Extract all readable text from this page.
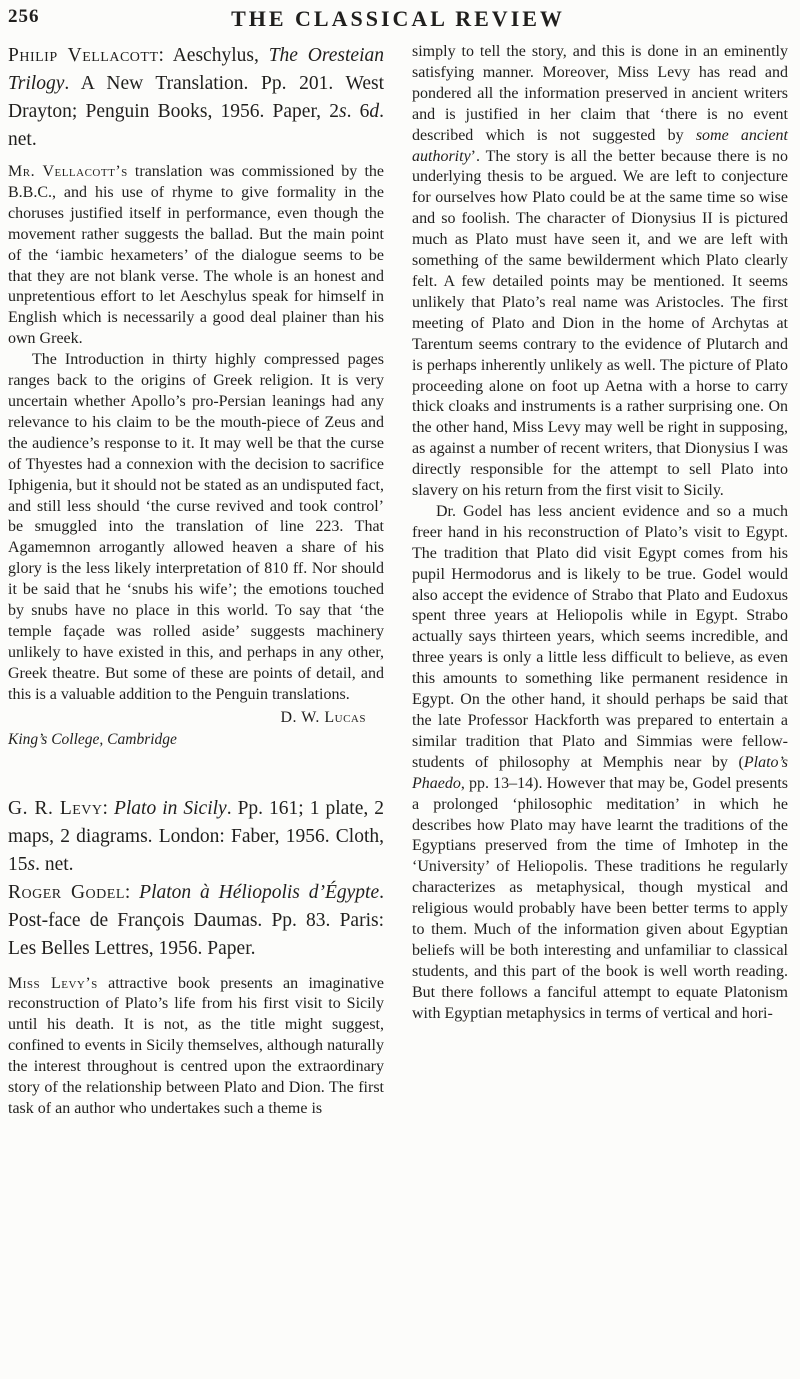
256	THE CLASSICAL REVIEW

Philip Vellacott: Aeschylus, The Oresteian Trilogy. A New Translation. Pp. 201. West Drayton; Penguin Books, 1956. Paper, 2s. 6d. net.

Mr. Vellacott’s translation was commissioned by the B.B.C., and his use of rhyme to give formality in the choruses justified itself in performance, even though the movement rather suggests the ballad. But the main point of the ‘iambic hexameters’ of the dialogue seems to be that they are not blank verse. The whole is an honest and unpretentious effort to let Aeschylus speak for himself in English which is necessarily a good deal plainer than his own Greek.

The Introduction in thirty highly compressed pages ranges back to the origins of Greek religion. It is very uncertain whether Apollo’s pro-Persian leanings had any relevance to his claim to be the mouth-piece of Zeus and the audience’s response to it. It may well be that the curse of Thyestes had a connexion with the decision to sacrifice Iphigenia, but it should not be stated as an undisputed fact, and still less should ‘the curse revived and took control’ be smuggled into the translation of line 223. That Agamemnon arrogantly allowed heaven a share of his glory is the less likely interpretation of 810 ff. Nor should it be said that he ‘snubs his wife’; the emotions touched by snubs have no place in this world. To say that ‘the temple façade was rolled aside’ suggests machinery unlikely to have existed in this, and perhaps in any other, Greek theatre. But some of these are points of detail, and this is a valuable addition to the Penguin translations.

D. W. Lucas

King’s College, Cambridge

G. R. Levy: Plato in Sicily. Pp. 161; 1 plate, 2 maps, 2 diagrams. London: Faber, 1956. Cloth, 15s. net.

Roger Godel: Platon à Héliopolis d’Égypte. Post-face de François Daumas. Pp. 83. Paris: Les Belles Lettres, 1956. Paper.

Miss Levy’s attractive book presents an imaginative reconstruction of Plato’s life from his first visit to Sicily until his death. It is not, as the title might suggest, confined to events in Sicily themselves, although naturally the interest throughout is centred upon the extraordinary story of the relationship between Plato and Dion. The first task of an author who undertakes such a theme is

simply to tell the story, and this is done in an eminently satisfying manner. Moreover, Miss Levy has read and pondered all the information preserved in ancient writers and is justified in her claim that ‘there is no event described which is not suggested by some ancient authority’. The story is all the better because there is no underlying thesis to be argued. We are left to conjecture for ourselves how Plato could be at the same time so wise and so foolish. The character of Dionysius II is pictured much as Plato must have seen it, and we are left with something of the same bewilderment which Plato clearly felt. A few detailed points may be mentioned. It seems unlikely that Plato’s real name was Aristocles. The first meeting of Plato and Dion in the home of Archytas at Tarentum seems contrary to the evidence of Plutarch and is perhaps inherently unlikely as well. The picture of Plato proceeding alone on foot up Aetna with a horse to carry thick cloaks and instruments is a rather surprising one. On the other hand, Miss Levy may well be right in supposing, as against a number of recent writers, that Dionysius I was directly responsible for the attempt to sell Plato into slavery on his return from the first visit to Sicily.

Dr. Godel has less ancient evidence and so a much freer hand in his reconstruction of Plato’s visit to Egypt. The tradition that Plato did visit Egypt comes from his pupil Hermodorus and is likely to be true. Godel would also accept the evidence of Strabo that Plato and Eudoxus spent three years at Heliopolis while in Egypt. Strabo actually says thirteen years, which seems incredible, and three years is only a little less difficult to believe, as even this amounts to something like permanent residence in Egypt. On the other hand, it should perhaps be said that the late Professor Hackforth was prepared to entertain a similar tradition that Plato and Simmias were fellow-students of philosophy at Memphis near by (Plato’s Phaedo, pp. 13–14). However that may be, Godel presents a prolonged ‘philosophic meditation’ in which he describes how Plato may have learnt the traditions of the Egyptians preserved from the time of Imhotep in the ‘University’ of Heliopolis. These traditions he regularly characterizes as metaphysical, though mystical and religious would probably have been better terms to apply to them. Much of the information given about Egyptian beliefs will be both interesting and unfamiliar to classical students, and this part of the book is well worth reading. But there follows a fanciful attempt to equate Platonism with Egyptian metaphysics in terms of vertical and hori-
